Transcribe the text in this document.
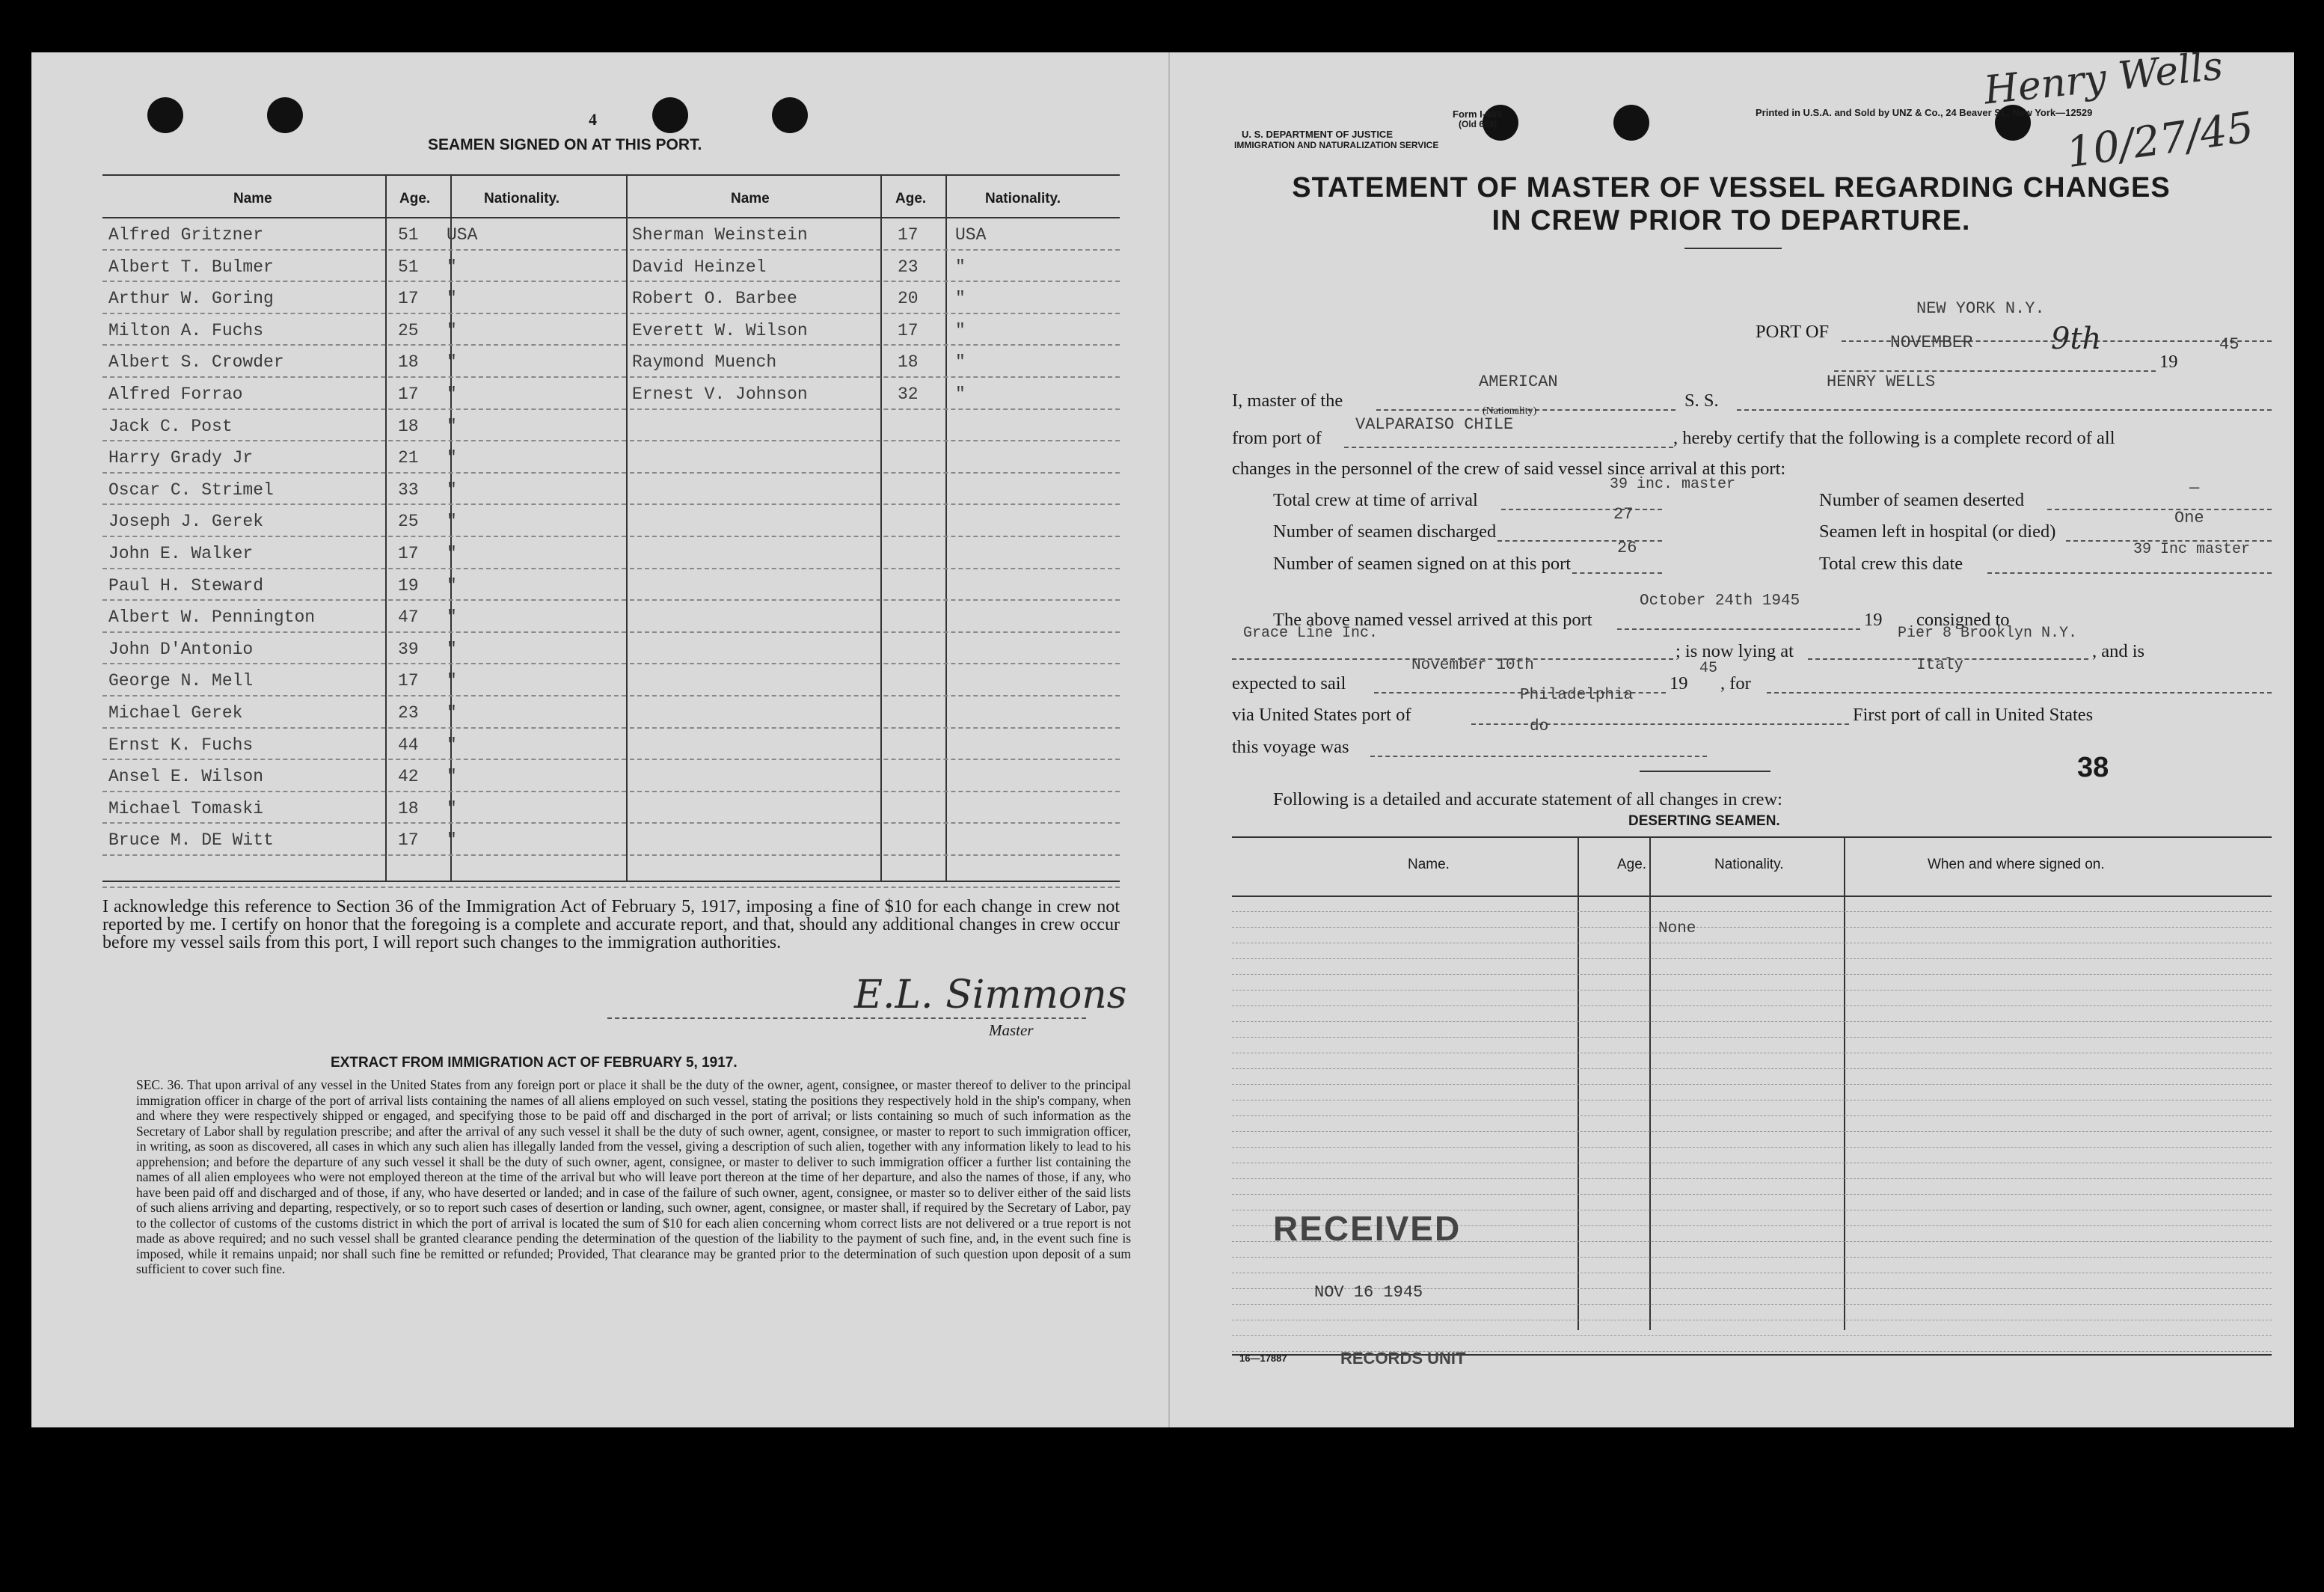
4
SEAMEN SIGNED ON AT THIS PORT.
Name	Age.	Nationality.	Name	Age.	Nationality.
Alfred Gritzner	51 USA
Albert T. Bulmer	51 "
Arthur W. Goring	17 "
Milton A. Fuchs	25 "
Albert S. Crowder	18 "
Alfred Forrao	17 "
Jack C. Post	18 "
Harry Grady Jr	21 "
Oscar C. Strimel	33 "
Joseph J. Gerek	25 "
John E. Walker	17 "
Paul H. Steward	19 "
Albert W. Pennington	47 "
John D'Antonio	39 "
George N. Mell	17 "
Michael Gerek	23 "
Ernst K. Fuchs	44 "
Ansel E. Wilson	42 "
Michael Tomaski	18 "
Bruce M. DE Witt	17 "
Sherman Weinstein	17 USA
David Heinzel	23 "
Robert O. Barbee	20 "
Everett W. Wilson	17 "
Raymond Muench	18 "
Ernest V. Johnson	32 "
I acknowledge this reference to Section 36 of the Immigration Act of February 5, 1917, imposing a fine of $10 for each change in crew not reported by me. I certify on honor that the foregoing is a complete and accurate report, and that, should any additional changes in crew occur before my vessel sails from this port, I will report such changes to the immigration authorities.
E.L. Simmons
Master
EXTRACT FROM IMMIGRATION ACT OF FEBRUARY 5, 1917.
SEC. 36. That upon arrival of any vessel in the United States from any foreign port or place it shall be the duty of the owner, agent, consignee, or master thereof to deliver to the principal immigration officer in charge of the port of arrival lists containing the names of all aliens employed on such vessel, stating the positions they respectively hold in the ship's company, when and where they were respectively shipped or engaged, and specifying those to be paid off and discharged in the port of arrival; or lists containing so much of such information as the Secretary of Labor shall by regulation prescribe; and after the arrival of any such vessel it shall be the duty of such owner, agent, consignee, or master to report to such immigration officer, in writing, as soon as discovered, all cases in which any such alien has illegally landed from the vessel, giving a description of such alien, together with any information likely to lead to his apprehension; and before the departure of any such vessel it shall be the duty of such owner, agent, consignee, or master to deliver to such immigration officer a further list containing the names of all alien employees who were not employed thereon at the time of the arrival but who will leave port thereon at the time of her departure, and also the names of those, if any, who have been paid off and discharged and of those, if any, who have deserted or landed; and in case of the failure of such owner, agent, consignee, or master so to deliver either of the said lists of such aliens arriving and departing, respectively, or so to report such cases of desertion or landing, such owner, agent, consignee, or master shall, if required by the Secretary of Labor, pay to the collector of customs of the customs district in which the port of arrival is located the sum of $10 for each alien concerning whom correct lists are not delivered or a true report is not made as above required; and no such vessel shall be granted clearance pending the determination of the question of the liability to the payment of such fine, and, in the event such fine is imposed, while it remains unpaid; nor shall such fine be remitted or refunded; Provided, That clearance may be granted prior to the determination of such question upon deposit of a sum sufficient to cover such fine.
Form I-489
(Old 659)
U. S. DEPARTMENT OF JUSTICE
IMMIGRATION AND NATURALIZATION SERVICE
Printed in U.S.A. and Sold by UNZ & Co., 24 Beaver St., New York—12529
Henry Wells
10/27/45
STATEMENT OF MASTER OF VESSEL REGARDING CHANGES
IN CREW PRIOR TO DEPARTURE.
PORT OF
NEW YORK N.Y.
NOVEMBER	9th
19
45
I, master of the
AMERICAN
(Nationality)
S. S.
HENRY WELLS
from port of
VALPARAISO CHILE
, hereby certify that the following is a complete record of all
changes in the personnel of the crew of said vessel since arrival at this port:
Total crew at time of arrival
39 inc. master
Number of seamen discharged
27
Number of seamen signed on at this port
26
Number of seamen deserted
—
Seamen left in hospital (or died)
One
Total crew this date
39 Inc master
The above named vessel arrived at this port
October 24th 1945
19 consigned to
Grace Line Inc.
; is now lying at
Pier 8 Brooklyn N.Y.
, and is
expected to sail
November 10th
19
45
, for
Italy
via United States port of
Philadelphia
First port of call in United States
this voyage was
do
38
Following is a detailed and accurate statement of all changes in crew:
DESERTING SEAMEN.
Name.	Age.	Nationality.	When and where signed on.
None
RECEIVED
NOV 16 1945
16—17887	RECORDS UNIT
